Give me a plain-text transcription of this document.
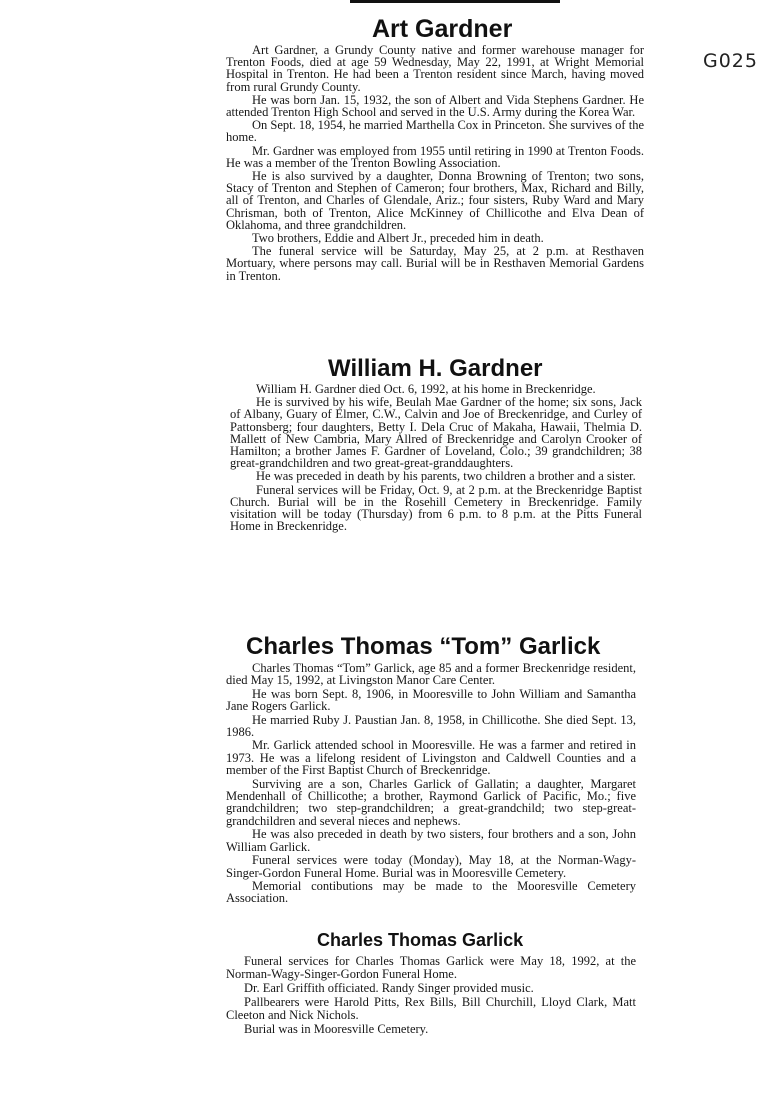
G025
Art Gardner

Art Gardner, a Grundy County native and former warehouse manager for Trenton Foods, died at age 59 Wednesday, May 22, 1991, at Wright Memorial Hospital in Trenton. He had been a Trenton resident since March, having moved from rural Grundy County.

He was born Jan. 15, 1932, the son of Albert and Vida Stephens Gardner. He attended Trenton High School and served in the U.S. Army during the Korea War.

On Sept. 18, 1954, he married Marthella Cox in Princeton. She survives of the home.

Mr. Gardner was employed from 1955 until retiring in 1990 at Trenton Foods. He was a member of the Trenton Bowling Association.

He is also survived by a daughter, Donna Browning of Trenton; two sons, Stacy of Trenton and Stephen of Cameron; four brothers, Max, Richard and Billy, all of Trenton, and Charles of Glendale, Ariz.; four sisters, Ruby Ward and Mary Chrisman, both of Trenton, Alice McKinney of Chillicothe and Elva Dean of Oklahoma, and three grandchildren.

Two brothers, Eddie and Albert Jr., preceded him in death.

The funeral service will be Saturday, May 25, at 2 p.m. at Resthaven Mortuary, where persons may call. Burial will be in Resthaven Memorial Gardens in Trenton.

William H. Gardner

William H. Gardner died Oct. 6, 1992, at his home in Breckenridge.

He is survived by his wife, Beulah Mae Gardner of the home; six sons, Jack of Albany, Guary of Elmer, C.W., Calvin and Joe of Breckenridge, and Curley of Pattonsberg; four daughters, Betty I. Dela Cruc of Makaha, Hawaii, Thelmia D. Mallett of New Cambria, Mary Allred of Breckenridge and Carolyn Crooker of Hamilton; a brother James F. Gardner of Loveland, Colo.; 39 grandchildren; 38 great-grandchildren and two great-great-granddaughters.

He was preceded in death by his parents, two children a brother and a sister.

Funeral services will be Friday, Oct. 9, at 2 p.m. at the Breckenridge Baptist Church. Burial will be in the Rosehill Cemetery in Breckenridge. Family visitation will be today (Thursday) from 6 p.m. to 8 p.m. at the Pitts Funeral Home in Breckenridge.

Charles Thomas “Tom” Garlick

Charles Thomas “Tom” Garlick, age 85 and a former Breckenridge resident, died May 15, 1992, at Livingston Manor Care Center.

He was born Sept. 8, 1906, in Mooresville to John William and Samantha Jane Rogers Garlick.

He married Ruby J. Paustian Jan. 8, 1958, in Chillicothe. She died Sept. 13, 1986.

Mr. Garlick attended school in Mooresville. He was a farmer and retired in 1973. He was a lifelong resident of Livingston and Caldwell Counties and a member of the First Baptist Church of Breckenridge.

Surviving are a son, Charles Garlick of Gallatin; a daughter, Margaret Mendenhall of Chillicothe; a brother, Raymond Garlick of Pacific, Mo.; five grandchildren; two step-grandchildren; a great-grandchild; two step-great-grandchildren and several nieces and nephews.

He was also preceded in death by two sisters, four brothers and a son, John William Garlick.

Funeral services were today (Monday), May 18, at the Norman-Wagy-Singer-Gordon Funeral Home. Burial was in Mooresville Cemetery.

Memorial contibutions may be made to the Mooresville Cemetery Association.

Charles Thomas Garlick

Funeral services for Charles Thomas Garlick were May 18, 1992, at the Norman-Wagy-Singer-Gordon Funeral Home.

Dr. Earl Griffith officiated. Randy Singer provided music.

Pallbearers were Harold Pitts, Rex Bills, Bill Churchill, Lloyd Clark, Matt Cleeton and Nick Nichols.

Burial was in Mooresville Cemetery.
